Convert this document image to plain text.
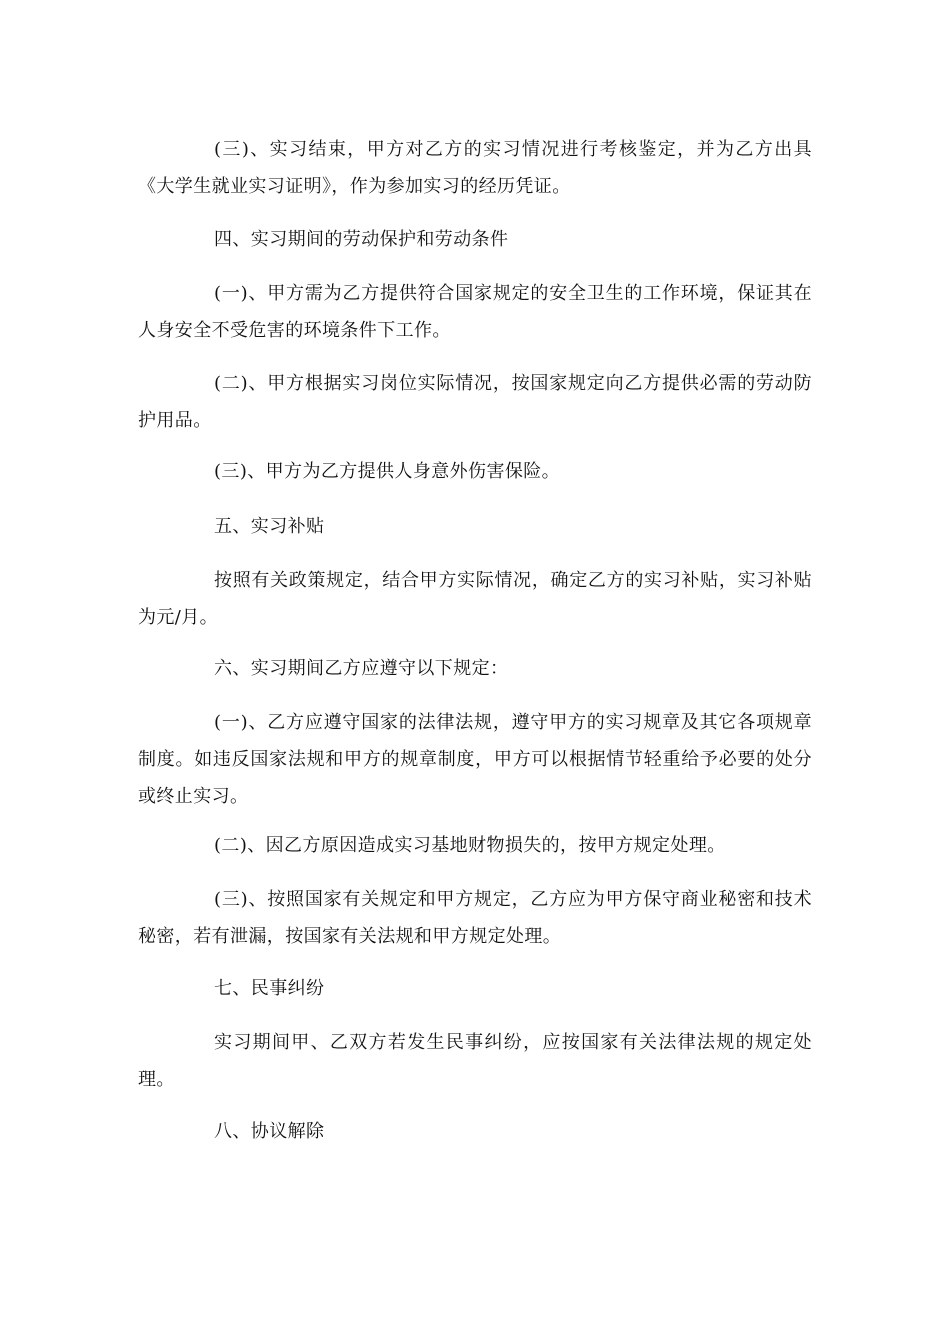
(三)、实习结束，甲方对乙方的实习情况进行考核鉴定，并为乙方出具《大学生就业实习证明》，作为参加实习的经历凭证。

四、实习期间的劳动保护和劳动条件

(一)、甲方需为乙方提供符合国家规定的安全卫生的工作环境，保证其在人身安全不受危害的环境条件下工作。

(二)、甲方根据实习岗位实际情况，按国家规定向乙方提供必需的劳动防护用品。

(三)、甲方为乙方提供人身意外伤害保险。

五、实习补贴

按照有关政策规定，结合甲方实际情况，确定乙方的实习补贴，实习补贴为元/月。

六、实习期间乙方应遵守以下规定：

(一)、乙方应遵守国家的法律法规，遵守甲方的实习规章及其它各项规章制度。如违反国家法规和甲方的规章制度，甲方可以根据情节轻重给予必要的处分或终止实习。

(二)、因乙方原因造成实习基地财物损失的，按甲方规定处理。

(三)、按照国家有关规定和甲方规定，乙方应为甲方保守商业秘密和技术秘密，若有泄漏，按国家有关法规和甲方规定处理。

七、民事纠纷

实习期间甲、乙双方若发生民事纠纷，应按国家有关法律法规的规定处理。

八、协议解除
